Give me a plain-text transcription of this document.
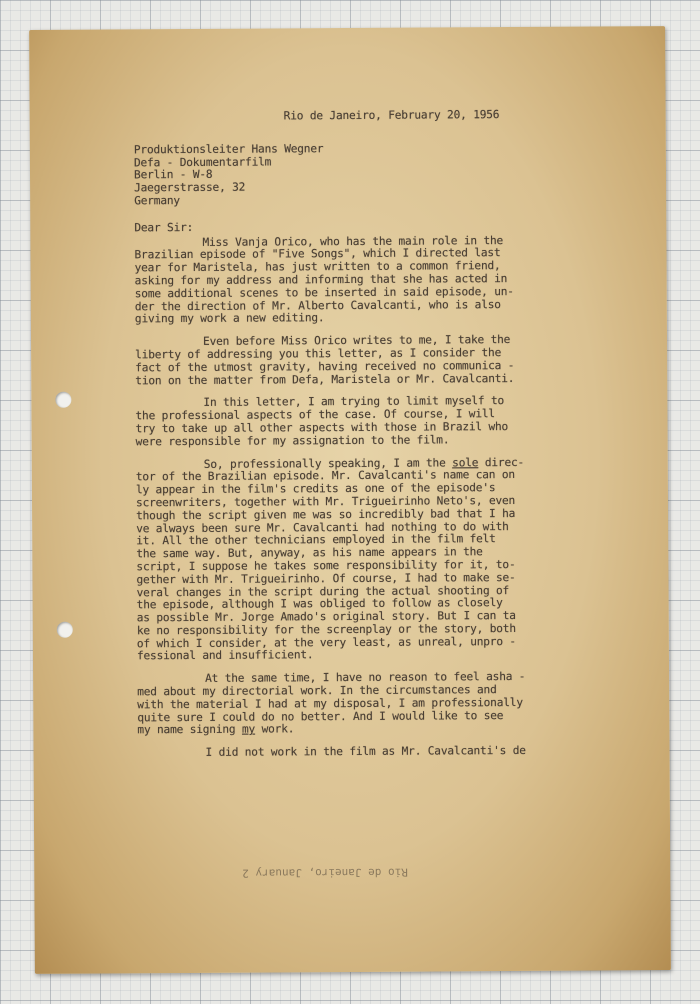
Rio de Janeiro, February 20, 1956
Produktionsleiter Hans Wegner
Defa - Dokumentarfilm
Berlin - W-8
Jaegerstrasse, 32
Germany
Dear Sir:
Miss Vanja Orico, who has the main role in the
Brazilian episode of "Five Songs", which I directed last
year for Maristela, has just written to a common friend,
asking for my address and informing that she has acted in
some additional scenes to be inserted in said episode, un-
der the direction of Mr. Alberto Cavalcanti, who is also
giving my work a new editing.
Even before Miss Orico writes to me, I take the
liberty of addressing you this letter, as I consider the
fact of the utmost gravity, having received no communica -
tion on the matter from Defa, Maristela or Mr. Cavalcanti.
In this letter, I am trying to limit myself to
the professional aspects of the case. Of course, I will
try to take up all other aspects with those in Brazil who
were responsible for my assignation to the film.
So, professionally speaking, I am the sole direc-
tor of the Brazilian episode. Mr. Cavalcanti's name can on
ly appear in the film's credits as one of the episode's
screenwriters, together with Mr. Trigueirinho Neto's, even
though the script given me was so incredibly bad that I ha
ve always been sure Mr. Cavalcanti had nothing to do with
it. All the other technicians employed in the film felt
the same way. But, anyway, as his name appears in the
script, I suppose he takes some responsibility for it, to-
gether with Mr. Trigueirinho. Of course, I had to make se-
veral changes in the script during the actual shooting of
the episode, although I was obliged to follow as closely
as possible Mr. Jorge Amado's original story. But I can ta
ke no responsibility for the screenplay or the story, both
of which I consider, at the very least, as unreal, unpro -
fessional and insufficient.
At the same time, I have no reason to feel asha -
med about my directorial work. In the circumstances and
with the material I had at my disposal, I am professionally
quite sure I could do no better. And I would like to see
my name signing my work.
I did not work in the film as Mr. Cavalcanti's de
Rio de Janeiro, January 2
